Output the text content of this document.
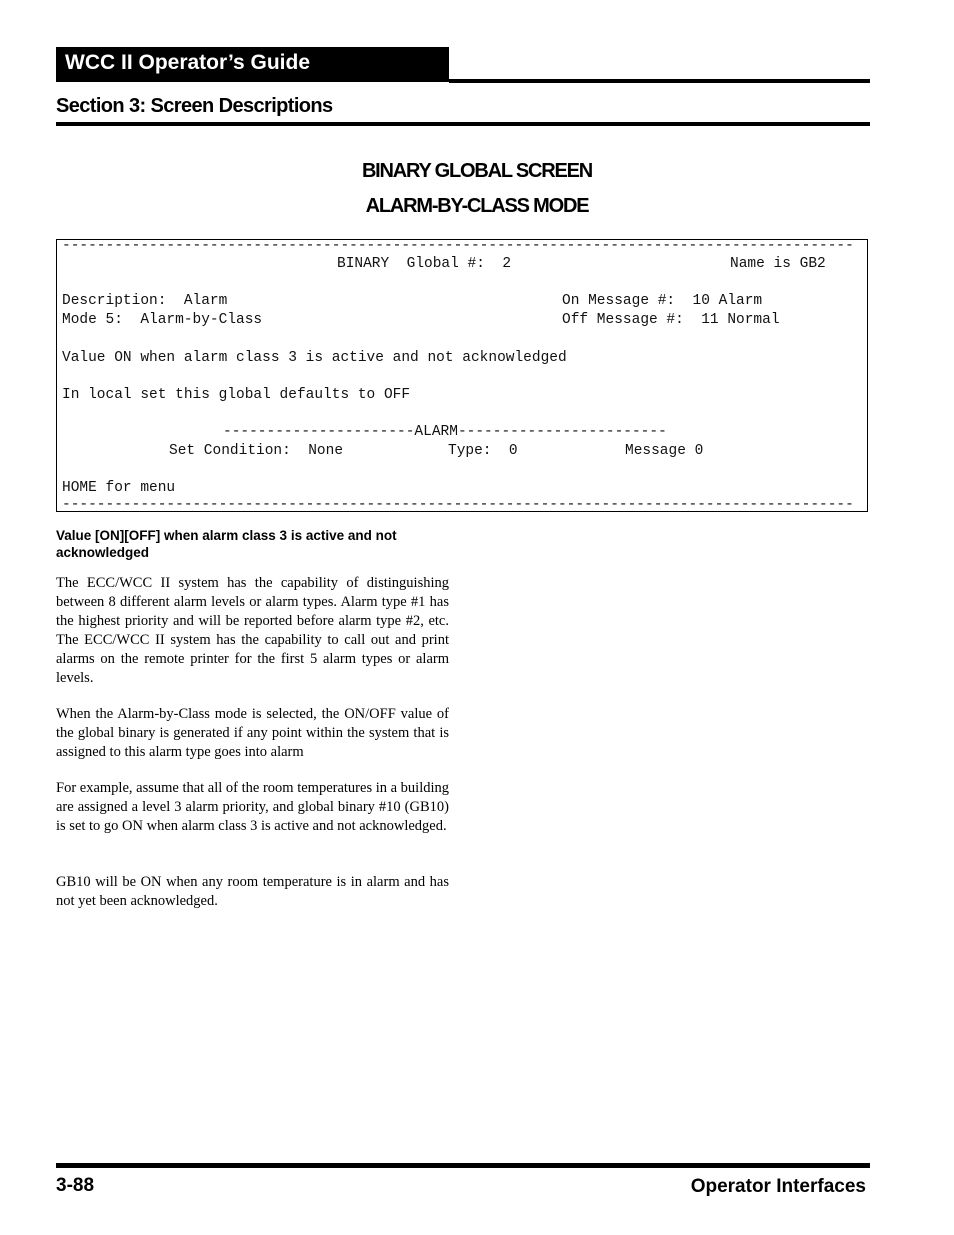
WCC II Operator’s Guide
Section 3: Screen Descriptions
BINARY GLOBAL SCREEN
ALARM-BY-CLASS MODE
-------------------------------------------------------------------------------------------
BINARY  Global #:  2	Name is GB2
Description:  Alarm	On Message #:  10 Alarm
Mode 5:  Alarm-by-Class	Off Message #:  11 Normal
Value ON when alarm class 3 is active and not acknowledged
In local set this global defaults to OFF
----------------------ALARM------------------------
Set Condition:  None	Type:  0	Message 0
HOME for menu
-------------------------------------------------------------------------------------------
Value [ON][OFF] when alarm class 3 is active and not acknowledged
The ECC/WCC II system has the capability of distinguishing between 8 different alarm levels or alarm types. Alarm type #1 has the highest priority and will be reported before alarm type #2, etc. The ECC/WCC II system has the capability to call out and print alarms on the remote printer for the first 5 alarm types or alarm levels.
When the Alarm-by-Class mode is selected, the ON/OFF value of the global binary is generated if any point within the system that is assigned to this alarm type goes into alarm
For example, assume that all of the room temperatures in a building are assigned a level 3 alarm priority, and global binary #10 (GB10) is set to go ON when alarm class 3 is active and not acknowledged.
GB10 will be ON when any room temperature is in alarm and has not yet been acknowledged.
3-88	Operator Interfaces
